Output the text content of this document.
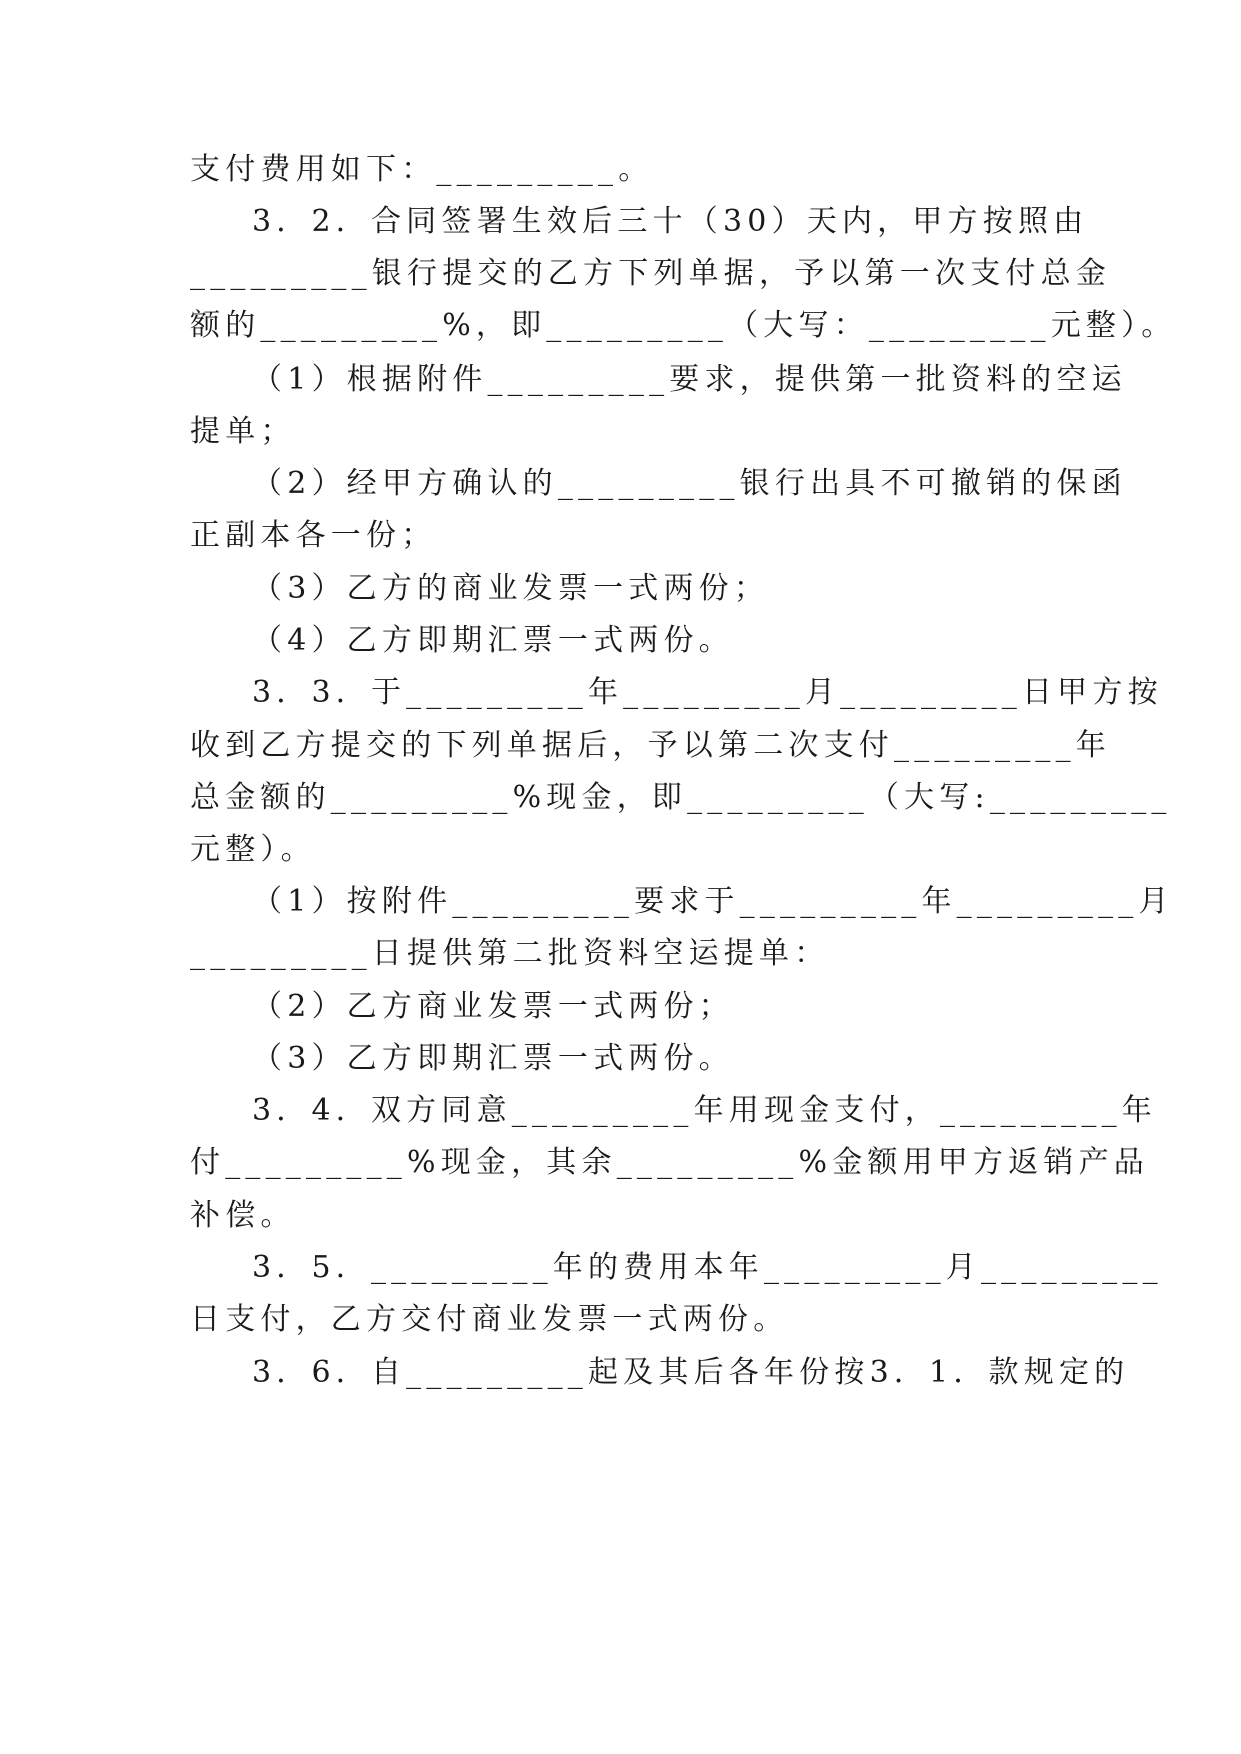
支付费用如下：_________。
3．2．合同签署生效后三十（30）天内，甲方按照由
_________银行提交的乙方下列单据，予以第一次支付总金
额的_________%，即_________（大写：_________元整）。
（1）根据附件_________要求，提供第一批资料的空运
提单；
（2）经甲方确认的_________银行出具不可撤销的保函
正副本各一份；
（3）乙方的商业发票一式两份；
（4）乙方即期汇票一式两份。
3．3．于_________年_________月_________日甲方按
收到乙方提交的下列单据后，予以第二次支付_________年
总金额的_________%现金，即_________（大写:_________
元整）。
（1）按附件_________要求于_________年_________月
_________日提供第二批资料空运提单：
（2）乙方商业发票一式两份；
（3）乙方即期汇票一式两份。
3．4．双方同意_________年用现金支付，_________年
付_________%现金，其余_________%金额用甲方返销产品
补偿。
3．5．_________年的费用本年_________月_________
日支付，乙方交付商业发票一式两份。
3．6．自_________起及其后各年份按3．1．款规定的
